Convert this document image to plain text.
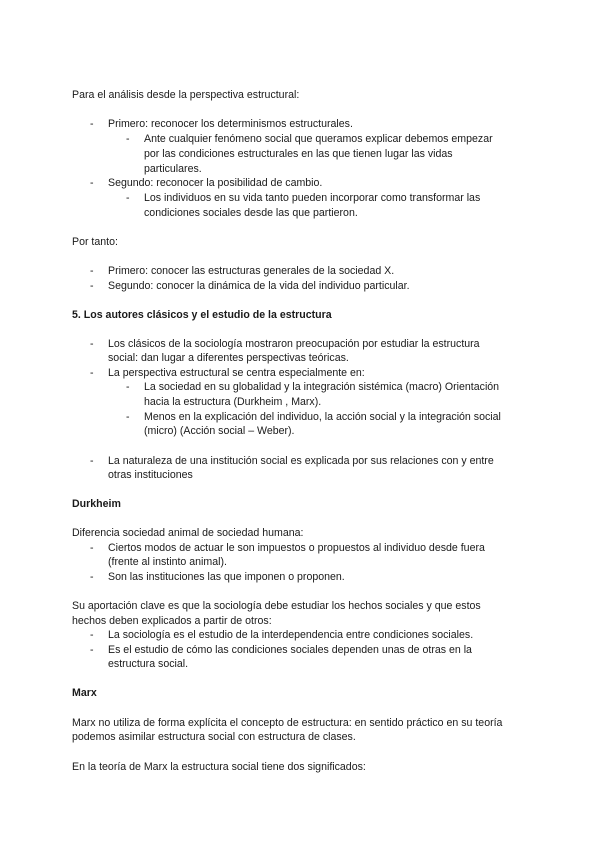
Para el análisis desde la perspectiva estructural:
- Primero: reconocer los determinismos estructurales.
- Ante cualquier fenómeno social que queramos explicar debemos empezar
por las condiciones estructurales en las que tienen lugar las vidas
particulares.
- Segundo: reconocer la posibilidad de cambio.
- Los individuos en su vida tanto pueden incorporar como transformar las
condiciones sociales desde las que partieron.
Por tanto:
- Primero: conocer las estructuras generales de la sociedad X.
- Segundo: conocer la dinámica de la vida del individuo particular.
5. Los autores clásicos y el estudio de la estructura
- Los clásicos de la sociología mostraron preocupación por estudiar la estructura
social: dan lugar a diferentes perspectivas teóricas.
- La perspectiva estructural se centra especialmente en:
- La sociedad en su globalidad y la integración sistémica (macro) Orientación
hacia la estructura (Durkheim , Marx).
- Menos en la explicación del individuo, la acción social y la integración social
(micro) (Acción social – Weber).
- La naturaleza de una institución social es explicada por sus relaciones con y entre
otras instituciones
Durkheim
Diferencia sociedad animal de sociedad humana:
- Ciertos modos de actuar le son impuestos o propuestos al individuo desde fuera
(frente al instinto animal).
- Son las instituciones las que imponen o proponen.
Su aportación clave es que la sociología debe estudiar los hechos sociales y que estos
hechos deben explicados a partir de otros:
- La sociología es el estudio de la interdependencia entre condiciones sociales.
- Es el estudio de cómo las condiciones sociales dependen unas de otras en la
estructura social.
Marx
Marx no utiliza de forma explícita el concepto de estructura: en sentido práctico en su teoría
podemos asimilar estructura social con estructura de clases.
En la teoría de Marx la estructura social tiene dos significados:
